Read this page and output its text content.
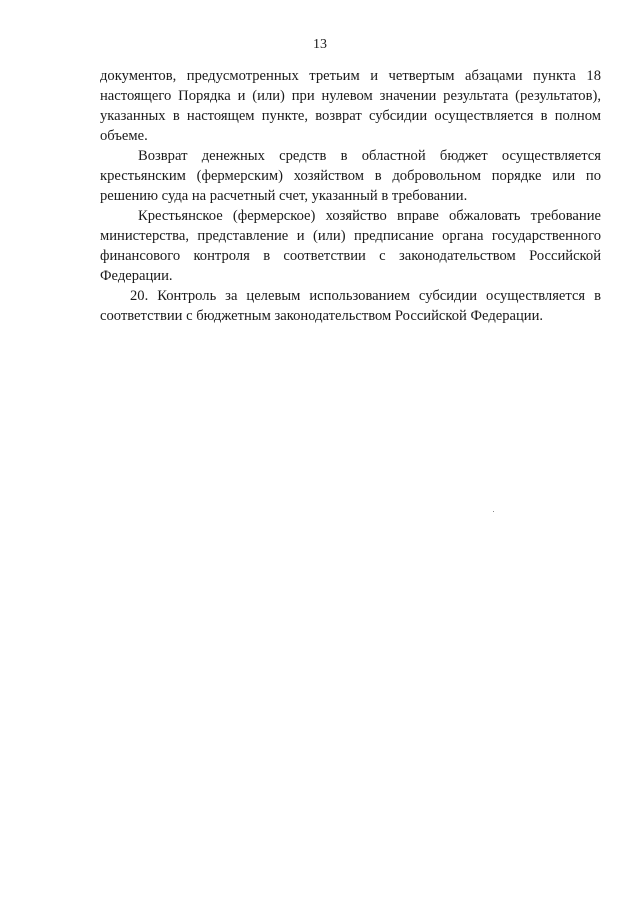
13

документов, предусмотренных третьим и четвертым абзацами пункта 18 настоящего Порядка и (или) при нулевом значении результата (результатов), указанных в настоящем пункте, возврат субсидии осуществляется в полном объеме.

Возврат денежных средств в областной бюджет осуществляется крестьянским (фермерским) хозяйством в добровольном порядке или по решению суда на расчетный счет, указанный в требовании.

Крестьянское (фермерское) хозяйство вправе обжаловать требование министерства, представление и (или) предписание органа государственного финансового контроля в соответствии с законодательством Российской Федерации.

20. Контроль за целевым использованием субсидии осуществляется в соответствии с бюджетным законодательством Российской Федерации.
